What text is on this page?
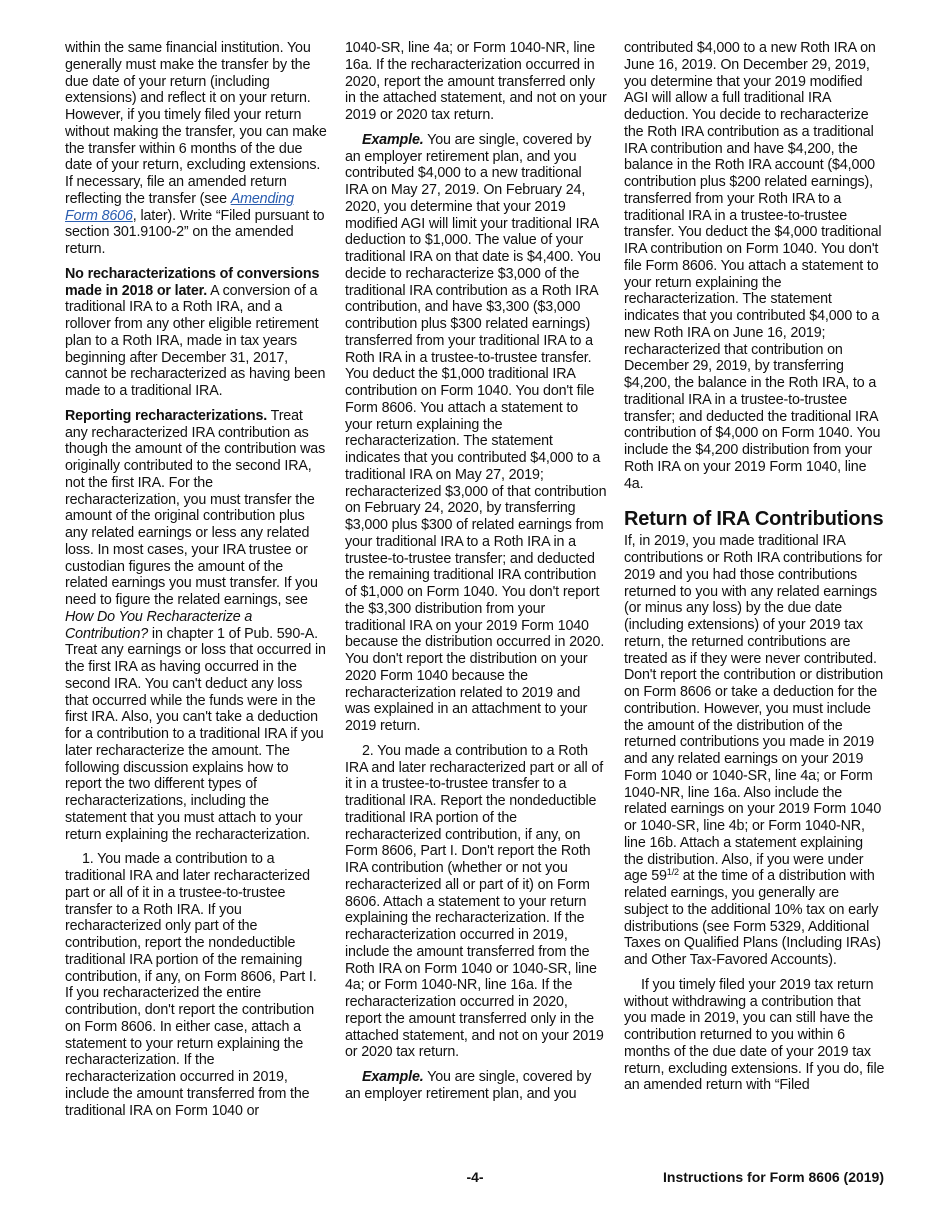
within the same financial institution. You generally must make the transfer by the due date of your return (including extensions) and reflect it on your return. However, if you timely filed your return without making the transfer, you can make the transfer within 6 months of the due date of your return, excluding extensions. If necessary, file an amended return reflecting the transfer (see Amending Form 8606, later). Write “Filed pursuant to section 301.9100-2” on the amended return.

No recharacterizations of conversions made in 2018 or later. A conversion of a traditional IRA to a Roth IRA, and a rollover from any other eligible retirement plan to a Roth IRA, made in tax years beginning after December 31, 2017, cannot be recharacterized as having been made to a traditional IRA.

Reporting recharacterizations. Treat any recharacterized IRA contribution as though the amount of the contribution was originally contributed to the second IRA, not the first IRA. For the recharacterization, you must transfer the amount of the original contribution plus any related earnings or less any related loss. In most cases, your IRA trustee or custodian figures the amount of the related earnings you must transfer. If you need to figure the related earnings, see How Do You Recharacterize a Contribution? in chapter 1 of Pub. 590-A. Treat any earnings or loss that occurred in the first IRA as having occurred in the second IRA. You can't deduct any loss that occurred while the funds were in the first IRA. Also, you can't take a deduction for a contribution to a traditional IRA if you later recharacterize the amount. The following discussion explains how to report the two different types of recharacterizations, including the statement that you must attach to your return explaining the recharacterization.

1. You made a contribution to a traditional IRA and later recharacterized part or all of it in a trustee-to-trustee transfer to a Roth IRA. If you recharacterized only part of the contribution, report the nondeductible traditional IRA portion of the remaining contribution, if any, on Form 8606, Part I. If you recharacterized the entire contribution, don't report the contribution on Form 8606. In either case, attach a statement to your return explaining the recharacterization. If the recharacterization occurred in 2019, include the amount transferred from the traditional IRA on Form 1040 or

1040-SR, line 4a; or Form 1040-NR, line 16a. If the recharacterization occurred in 2020, report the amount transferred only in the attached statement, and not on your 2019 or 2020 tax return.

Example. You are single, covered by an employer retirement plan, and you contributed $4,000 to a new traditional IRA on May 27, 2019. On February 24, 2020, you determine that your 2019 modified AGI will limit your traditional IRA deduction to $1,000. The value of your traditional IRA on that date is $4,400. You decide to recharacterize $3,000 of the traditional IRA contribution as a Roth IRA contribution, and have $3,300 ($3,000 contribution plus $300 related earnings) transferred from your traditional IRA to a Roth IRA in a trustee-to-trustee transfer. You deduct the $1,000 traditional IRA contribution on Form 1040. You don't file Form 8606. You attach a statement to your return explaining the recharacterization. The statement indicates that you contributed $4,000 to a traditional IRA on May 27, 2019; recharacterized $3,000 of that contribution on February 24, 2020, by transferring $3,000 plus $300 of related earnings from your traditional IRA to a Roth IRA in a trustee-to-trustee transfer; and deducted the remaining traditional IRA contribution of $1,000 on Form 1040. You don't report the $3,300 distribution from your traditional IRA on your 2019 Form 1040 because the distribution occurred in 2020. You don't report the distribution on your 2020 Form 1040 because the recharacterization related to 2019 and was explained in an attachment to your 2019 return.

2. You made a contribution to a Roth IRA and later recharacterized part or all of it in a trustee-to-trustee transfer to a traditional IRA. Report the nondeductible traditional IRA portion of the recharacterized contribution, if any, on Form 8606, Part I. Don't report the Roth IRA contribution (whether or not you recharacterized all or part of it) on Form 8606. Attach a statement to your return explaining the recharacterization. If the recharacterization occurred in 2019, include the amount transferred from the Roth IRA on Form 1040 or 1040-SR, line 4a; or Form 1040-NR, line 16a. If the recharacterization occurred in 2020, report the amount transferred only in the attached statement, and not on your 2019 or 2020 tax return.

Example. You are single, covered by an employer retirement plan, and you

contributed $4,000 to a new Roth IRA on June 16, 2019. On December 29, 2019, you determine that your 2019 modified AGI will allow a full traditional IRA deduction. You decide to recharacterize the Roth IRA contribution as a traditional IRA contribution and have $4,200, the balance in the Roth IRA account ($4,000 contribution plus $200 related earnings), transferred from your Roth IRA to a traditional IRA in a trustee-to-trustee transfer. You deduct the $4,000 traditional IRA contribution on Form 1040. You don't file Form 8606. You attach a statement to your return explaining the recharacterization. The statement indicates that you contributed $4,000 to a new Roth IRA on June 16, 2019; recharacterized that contribution on December 29, 2019, by transferring $4,200, the balance in the Roth IRA, to a traditional IRA in a trustee-to-trustee transfer; and deducted the traditional IRA contribution of $4,000 on Form 1040. You include the $4,200 distribution from your Roth IRA on your 2019 Form 1040, line 4a.

Return of IRA Contributions

If, in 2019, you made traditional IRA contributions or Roth IRA contributions for 2019 and you had those contributions returned to you with any related earnings (or minus any loss) by the due date (including extensions) of your 2019 tax return, the returned contributions are treated as if they were never contributed. Don't report the contribution or distribution on Form 8606 or take a deduction for the contribution. However, you must include the amount of the distribution of the returned contributions you made in 2019 and any related earnings on your 2019 Form 1040 or 1040-SR, line 4a; or Form 1040-NR, line 16a. Also include the related earnings on your 2019 Form 1040 or 1040-SR, line 4b; or Form 1040-NR, line 16b. Attach a statement explaining the distribution. Also, if you were under age $59^{1/2}$ at the time of a distribution with related earnings, you generally are subject to the additional 10% tax on early distributions (see Form 5329, Additional Taxes on Qualified Plans (Including IRAs) and Other Tax-Favored Accounts).

If you timely filed your 2019 tax return without withdrawing a contribution that you made in 2019, you can still have the contribution returned to you within 6 months of the due date of your 2019 tax return, excluding extensions. If you do, file an amended return with “Filed

-4-	Instructions for Form 8606 (2019)
